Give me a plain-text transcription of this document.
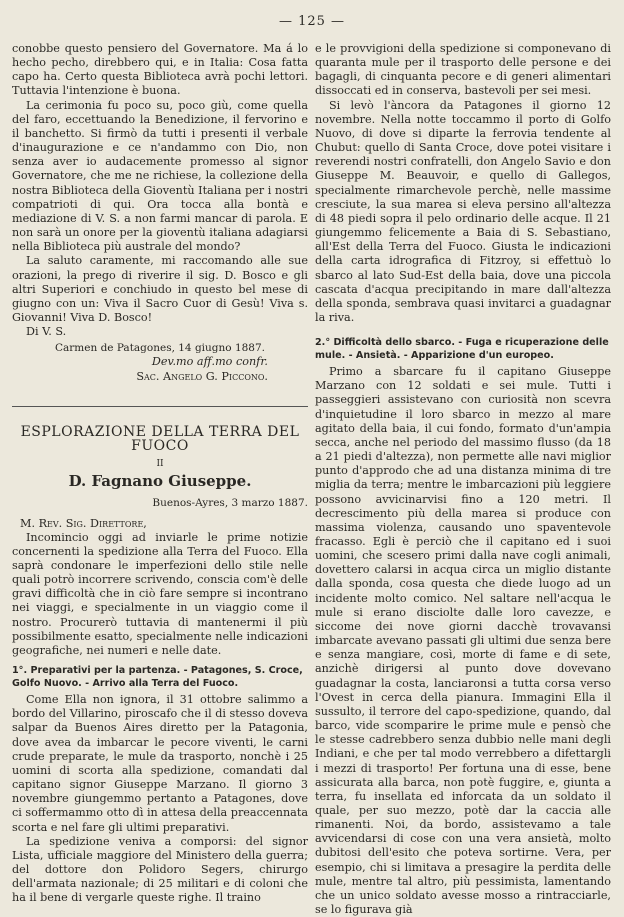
— 125 —

conobbe questo pensiero del Governatore. Ma á lo hecho pecho, direbbero qui, e in Italia: Cosa fatta capo ha. Certo questa Biblioteca avrà pochi lettori. Tuttavia l'intenzione è buona.

La cerimonia fu poco su, poco giù, come quella del faro, eccettuando la Benedizione, il fervorino e il banchetto. Si firmò da tutti i presenti il verbale d'inaugurazione e ce n'andammo con Dio, non senza aver io audacemente promesso al signor Governatore, che me ne richiese, la collezione della nostra Biblioteca della Gioventù Italiana per i nostri compatrioti di qui. Ora tocca alla bontà e mediazione di V. S. a non farmi mancar di parola. E non sarà un onore per la gioventù italiana adagiarsi nella Biblioteca più australe del mondo?

La saluto caramente, mi raccomando alle sue orazioni, la prego di riverire il sig. D. Bosco e gli altri Superiori e conchiudo in questo bel mese di giugno con un: Viva il Sacro Cuor di Gesù! Viva s. Giovanni! Viva D. Bosco!

Di V. S.

Carmen de Patagones, 14 giugno 1887.

Dev.mo aff.mo confr.

Sac. Angelo G. Piccono.

ESPLORAZIONE DELLA TERRA DEL FUOCO

II

D. Fagnano Giuseppe.

Buenos-Ayres, 3 marzo 1887.

M. Rev. Sig. Direttore,

Incomincio oggi ad inviarle le prime notizie concernenti la spedizione alla Terra del Fuoco. Ella saprà condonare le imperfezioni dello stile nelle quali potrò incorrere scrivendo, conscia com'è delle gravi difficoltà che in ciò fare sempre si incontrano nei viaggi, e specialmente in un viaggio come il nostro. Procurerò tuttavia di mantenermi il più possibilmente esatto, specialmente nelle indicazioni geografiche, nei numeri e nelle date.

1°. Preparativi per la partenza. - Patagones, S. Croce, Golfo Nuovo. - Arrivo alla Terra del Fuoco.

Come Ella non ignora, il 31 ottobre salimmo a bordo del Villarino, piroscafo che il di stesso doveva salpar da Buenos Aires diretto per la Patagonia, dove avea da imbarcar le pecore viventi, le carni crude preparate, le mule da trasporto, nonchè i 25 uomini di scorta alla spedizione, comandati dal capitano signor Giuseppe Marzano. Il giorno 3 novembre giungemmo pertanto a Patagones, dove ci soffermammo otto dì in attesa della preaccennata scorta e nel fare gli ultimi preparativi.

La spedizione veniva a comporsi: del signor Lista, ufficiale maggiore del Ministero della guerra; del dottore don Polidoro Segers, chirurgo dell'armata nazionale; di 25 militari e di coloni che ha il bene di vergarle queste righe. Il traino

e le provvigioni della spedizione si componevano di quaranta mule per il trasporto delle persone e dei bagagli, di cinquanta pecore e di generi alimentari dissoccati ed in conserva, bastevoli per sei mesi.

Si levò l'àncora da Patagones il giorno 12 novembre. Nella notte toccammo il porto di Golfo Nuovo, di dove si diparte la ferrovia tendente al Chubut: quello di Santa Croce, dove potei visitare i reverendi nostri confratelli, don Angelo Savio e don Giuseppe M. Beauvoir, e quello di Gallegos, specialmente rimarchevole perchè, nelle massime cresciute, la sua marea si eleva persino all'altezza di 48 piedi sopra il pelo ordinario delle acque. Il 21 giungemmo felicemente a Baia di S. Sebastiano, all'Est della Terra del Fuoco. Giusta le indicazioni della carta idrografica di Fitzroy, si effettuò lo sbarco al lato Sud-Est della baia, dove una piccola cascata d'acqua precipitando in mare dall'altezza della sponda, sembrava quasi invitarci a guadagnar la riva.

2.° Difficoltà dello sbarco. - Fuga e ricuperazione delle mule. - Ansietà. - Apparizione d'un europeo.

Primo a sbarcare fu il capitano Giuseppe Marzano con 12 soldati e sei mule. Tutti i passeggieri assistevano con curiosità non scevra d'inquietudine il loro sbarco in mezzo al mare agitato della baia, il cui fondo, formato d'un'ampia secca, anche nel periodo del massimo flusso (da 18 a 21 piedi d'altezza), non permette alle navi miglior punto d'approdo che ad una distanza minima di tre miglia da terra; mentre le imbarcazioni più leggiere possono avvicinarvisi fino a 120 metri. Il decrescimento più della marea si produce con massima violenza, causando uno spaventevole fracasso. Egli è perciò che il capitano ed i suoi uomini, che scesero primi dalla nave cogli animali, dovettero calarsi in acqua circa un miglio distante dalla sponda, cosa questa che diede luogo ad un incidente molto comico. Nel saltare nell'acqua le mule si erano disciolte dalle loro cavezze, e siccome dei nove giorni dacchè trovavansi imbarcate avevano passati gli ultimi due senza bere e senza mangiare, così, morte di fame e di sete, anzichè dirigersi al punto dove dovevano guadagnar la costa, lanciaronsi a tutta corsa verso l'Ovest in cerca della pianura. Immagini Ella il sussulto, il terrore del capo-spedizione, quando, dal barco, vide scomparire le prime mule e pensò che le stesse cadrebbero senza dubbio nelle mani degli Indiani, e che per tal modo verrebbero a difettargli i mezzi di trasporto! Per fortuna una di esse, bene assicurata alla barca, non potè fuggire, e, giunta a terra, fu insellata ed inforcata da un soldato il quale, per suo mezzo, potè dar la caccia alle rimanenti. Noi, da bordo, assistevamo a tale avvicendarsi di cose con una vera ansietà, molto dubitosi dell'esito che poteva sortirne. Vera, per esempio, chi si limitava a presagire la perdita delle mule, mentre tal altro, più pessimista, lamentando che un unico soldato avesse mosso a rintracciarle, se lo figurava già
